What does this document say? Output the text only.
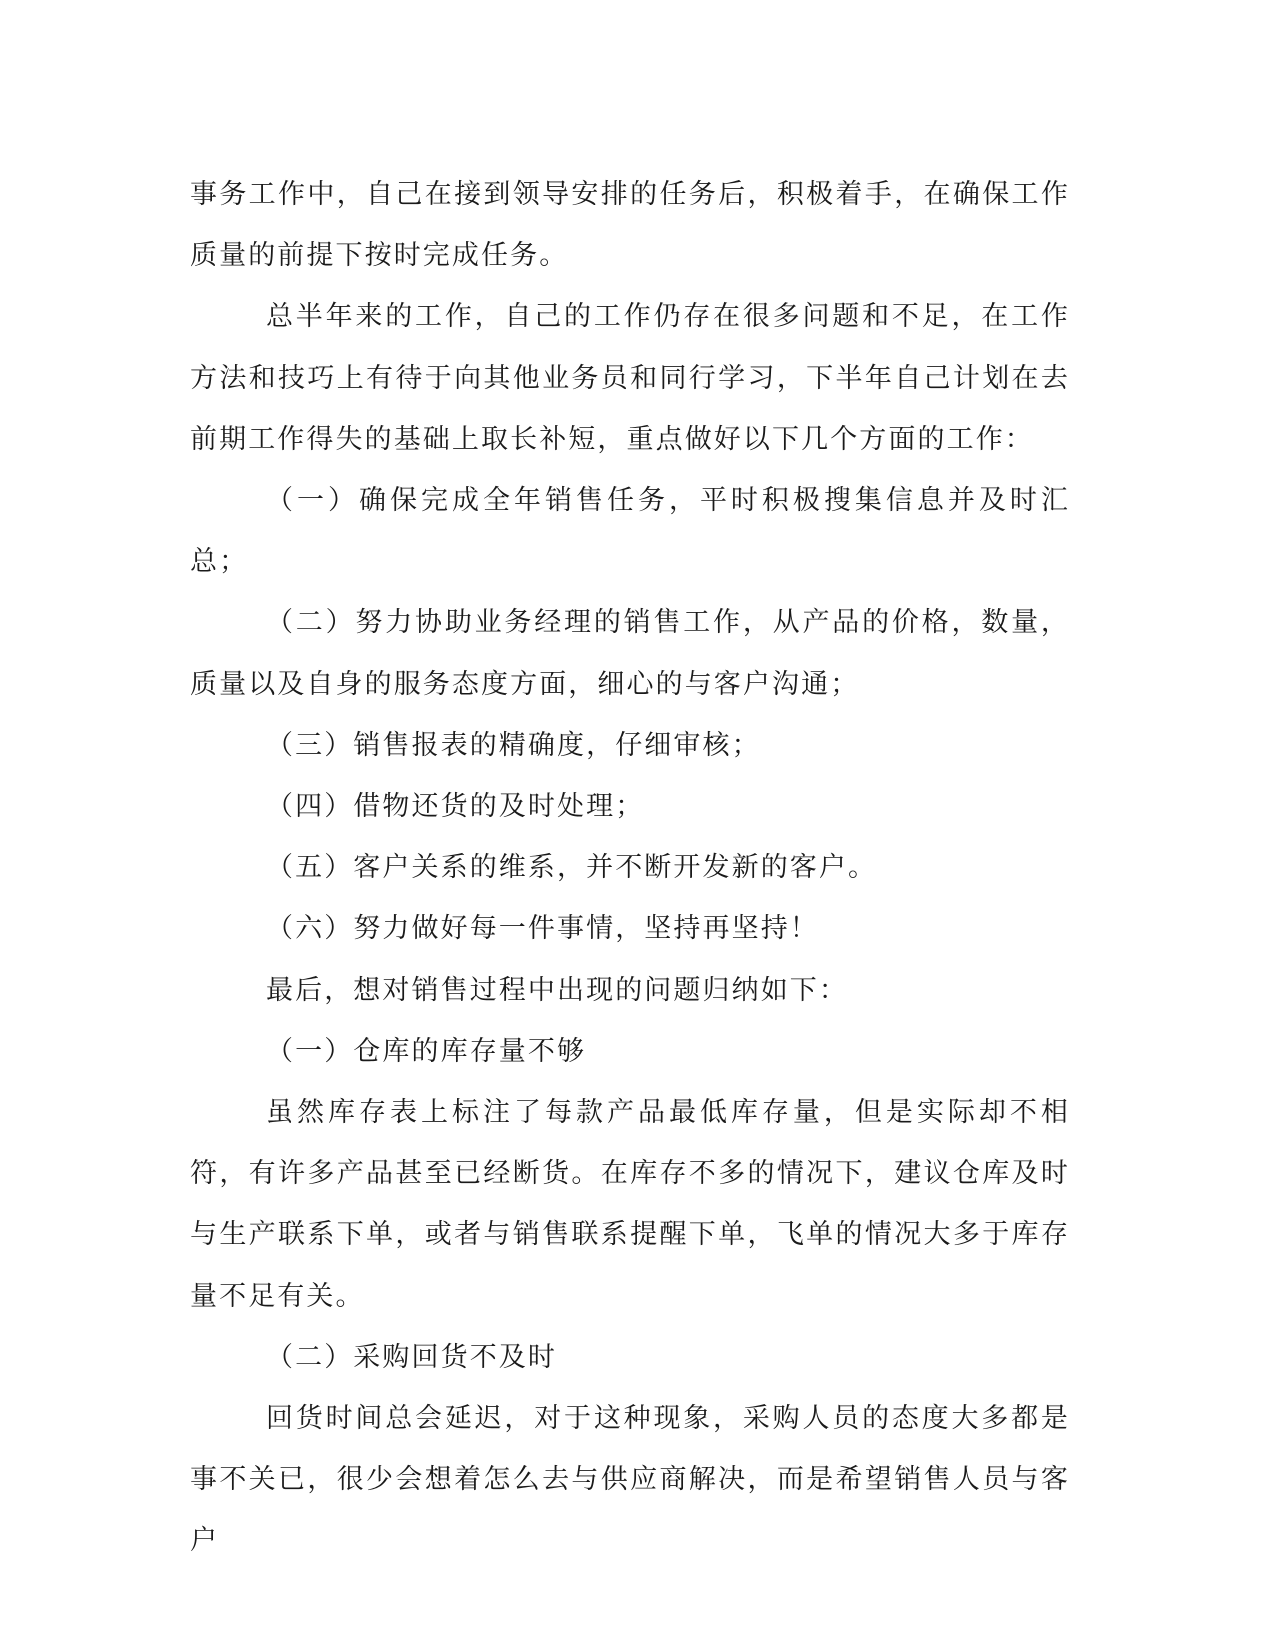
事务工作中，自己在接到领导安排的任务后，积极着手，在确保工作质量的前提下按时完成任务。

总半年来的工作，自己的工作仍存在很多问题和不足，在工作方法和技巧上有待于向其他业务员和同行学习，下半年自己计划在去前期工作得失的基础上取长补短，重点做好以下几个方面的工作：

（一）确保完成全年销售任务，平时积极搜集信息并及时汇总；

（二）努力协助业务经理的销售工作，从产品的价格，数量，质量以及自身的服务态度方面，细心的与客户沟通；

（三）销售报表的精确度，仔细审核；

（四）借物还货的及时处理；

（五）客户关系的维系，并不断开发新的客户。

（六）努力做好每一件事情，坚持再坚持！

最后，想对销售过程中出现的问题归纳如下：

（一）仓库的库存量不够

虽然库存表上标注了每款产品最低库存量，但是实际却不相符，有许多产品甚至已经断货。在库存不多的情况下，建议仓库及时与生产联系下单，或者与销售联系提醒下单，飞单的情况大多于库存量不足有关。

（二）采购回货不及时

回货时间总会延迟，对于这种现象，采购人员的态度大多都是事不关已，很少会想着怎么去与供应商解决，而是希望销售人员与客户
